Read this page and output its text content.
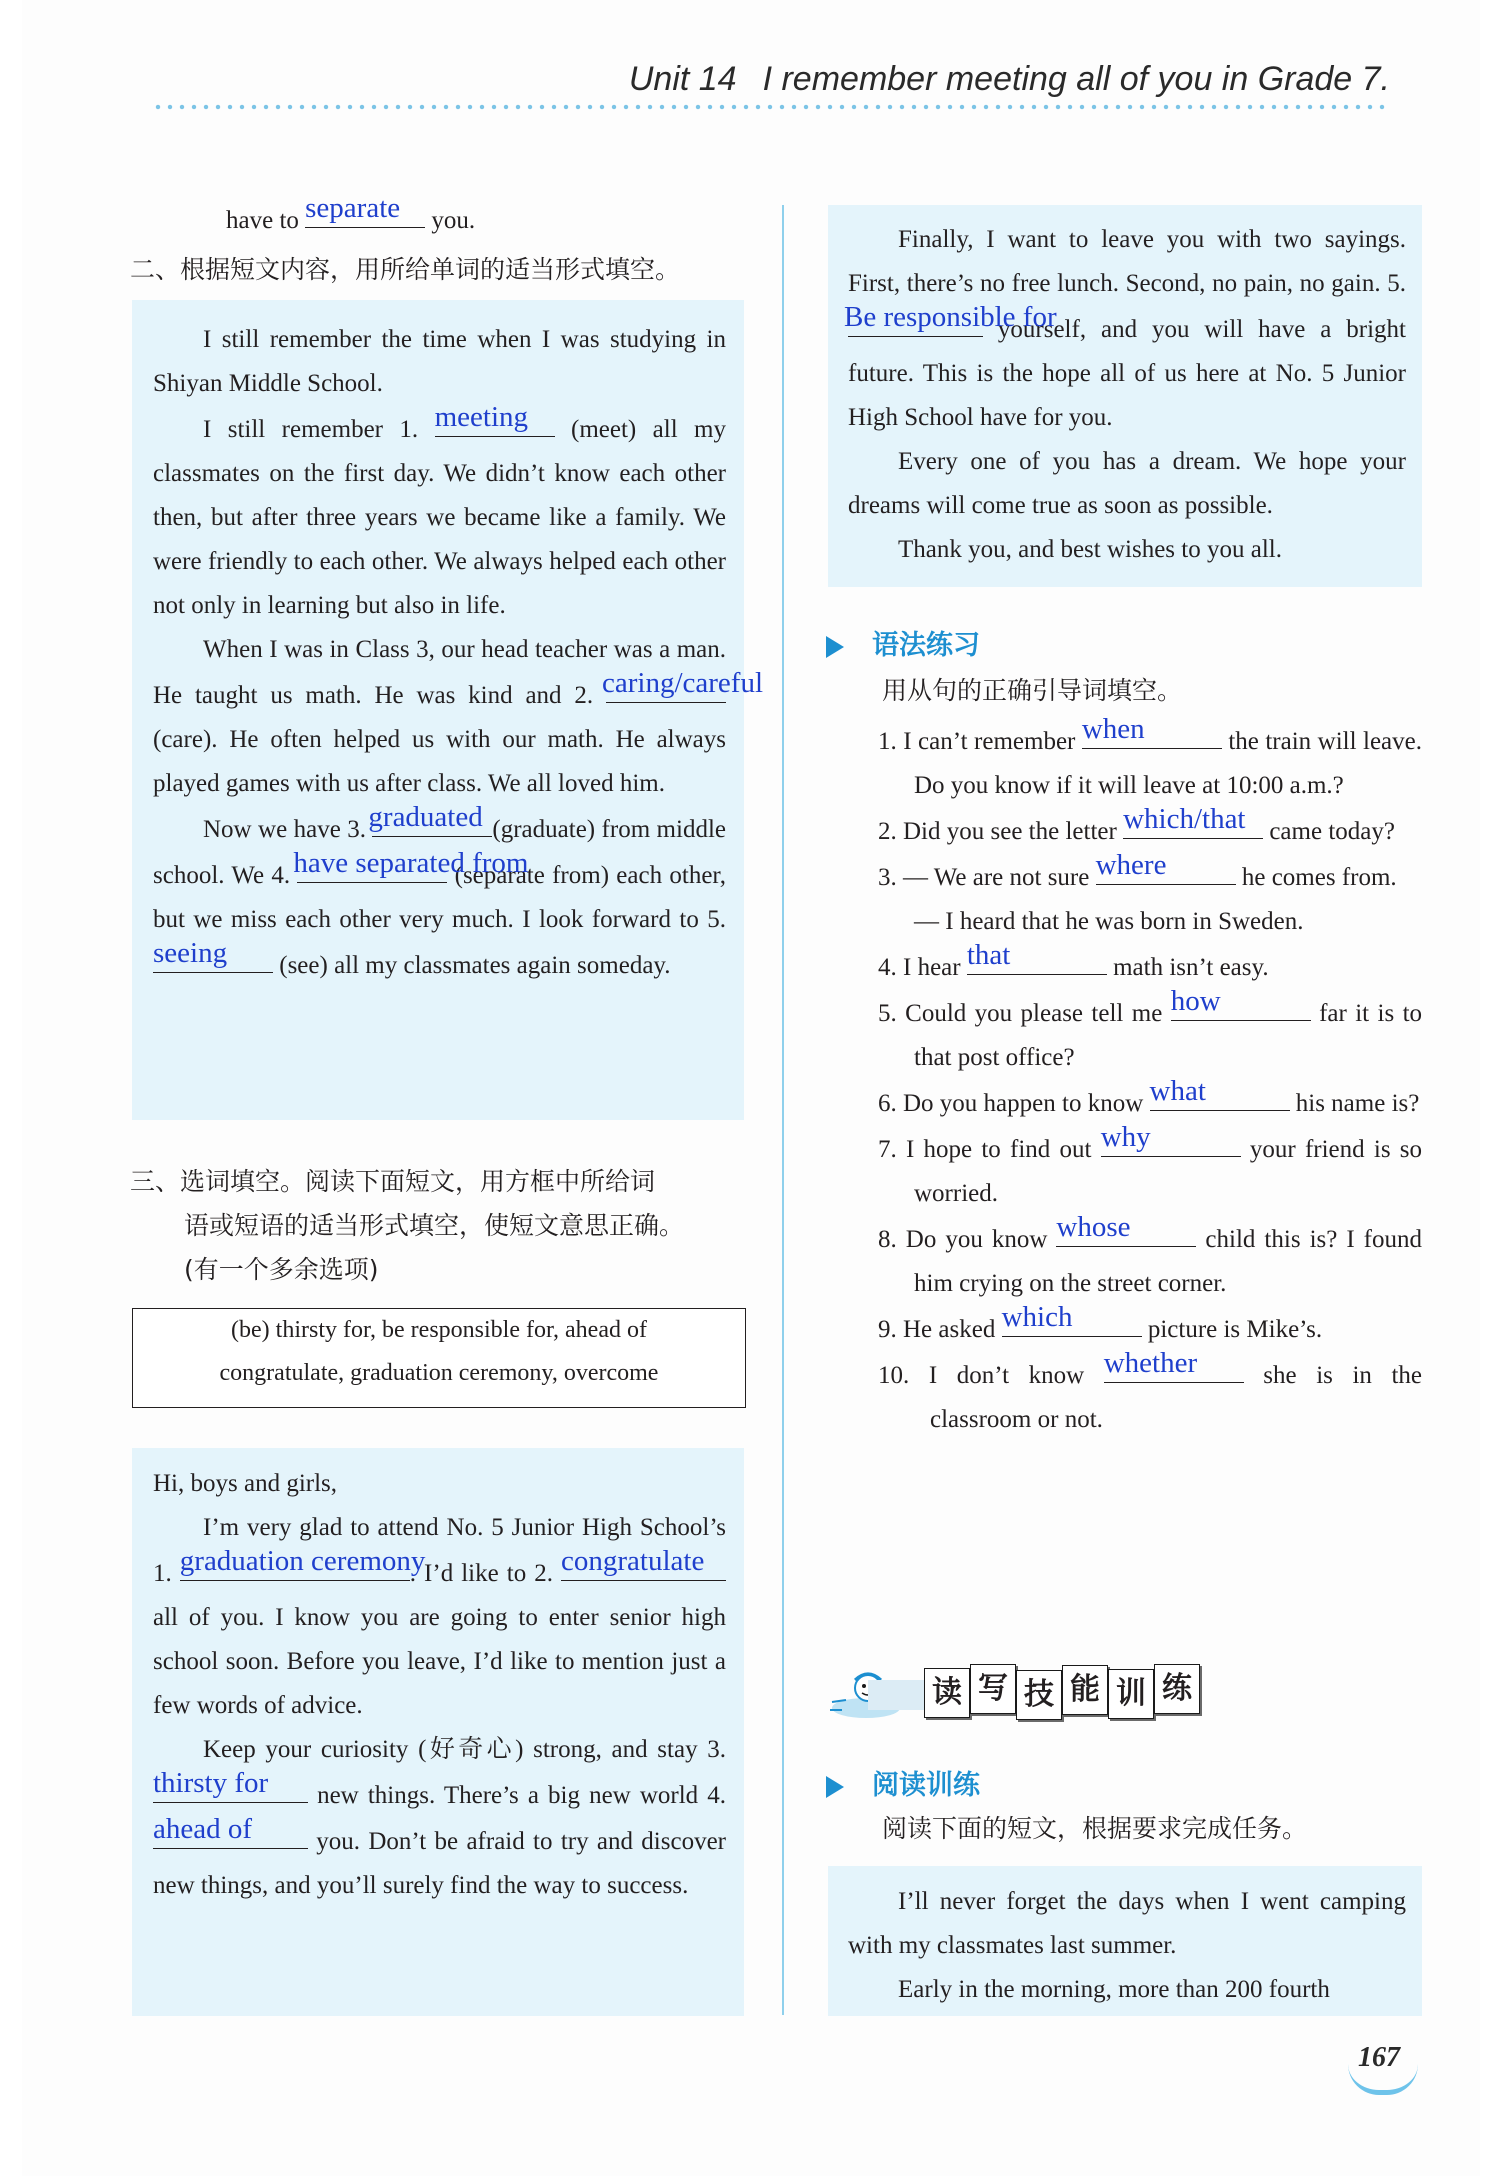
Unit 14 I remember meeting all of you in Grade 7.
have to separate	you.
二、根据短文内容，用所给单词的适当形式填空。

I still remember the time when I was studying in Shiyan Middle School.

I still remember 1. meeting	(meet) all my classmates on the first day. We didn’t know each other then, but after three years we became like a family. We were friendly to each other. We always helped each other not only in learning but also in life.

When I was in Class 3, our head teacher was a man. He taught us math. He was kind and 2.
caring/careful
(care). He often helped us with our math. He always played games with us after class. We all loved him.

Now we have 3.
graduated (graduate) from middle school. We 4.
have separated from
(separate from) each other, but we miss each other very much. I look forward to 5.
seeing	(see) all my classmates again someday.

三、选词填空。阅读下面短文，用方框中所给词
语或短语的适当形式填空，使短文意思正确。
(有一个多余选项)
(be) thirsty for, be responsible for, ahead of
congratulate, graduation ceremony, overcome

Hi, boys and girls,

I’m very glad to attend No. 5 Junior High School’s 1. graduation ceremony
. I’d like to 2. congratulate
all of you. I know you are going to enter senior high school soon. Before you leave, I’d like to mention just a few words of advice.

Keep your curiosity (好奇心) strong, and stay 3.
thirsty for	new things. There’s a big new world 4.
ahead of	you. Don’t be afraid to try and discover new things, and you’ll surely find the way to success.

Finally, I want to leave you with two sayings. First, there’s no free lunch. Second, no pain, no gain. 5.
Be responsible for
yourself, and you will have a bright future. This is the hope all of us here at No. 5 Junior High School have for you.

Every one of you has a dream. We hope your dreams will come true as soon as possible.

Thank you, and best wishes to you all.

语法练习
用从句的正确引导词填空。

1. I can’t remember when	the train will leave. Do you know if it will leave at 10:00 a.m.?

2. Did you see the letter which/that came today?

3. — We are not sure where	he comes from.

— I heard that he was born in Sweden.

4. I hear that	math isn’t easy.

5. Could you please tell me how	far it is to that post office?

6. Do you happen to know what	his name is?

7. I hope to find out why	your friend is so worried.

8. Do you know whose	child this is? I found him crying on the street corner.

9. He asked which	picture is Mike’s.

10. I don’t know whether	she is in the classroom or not.

读 写 技 能 训 练
阅读训练
阅读下面的短文，根据要求完成任务。

I’ll never forget the days when I went camping with my classmates last summer.

Early in the morning, more than 200 fourth

167
